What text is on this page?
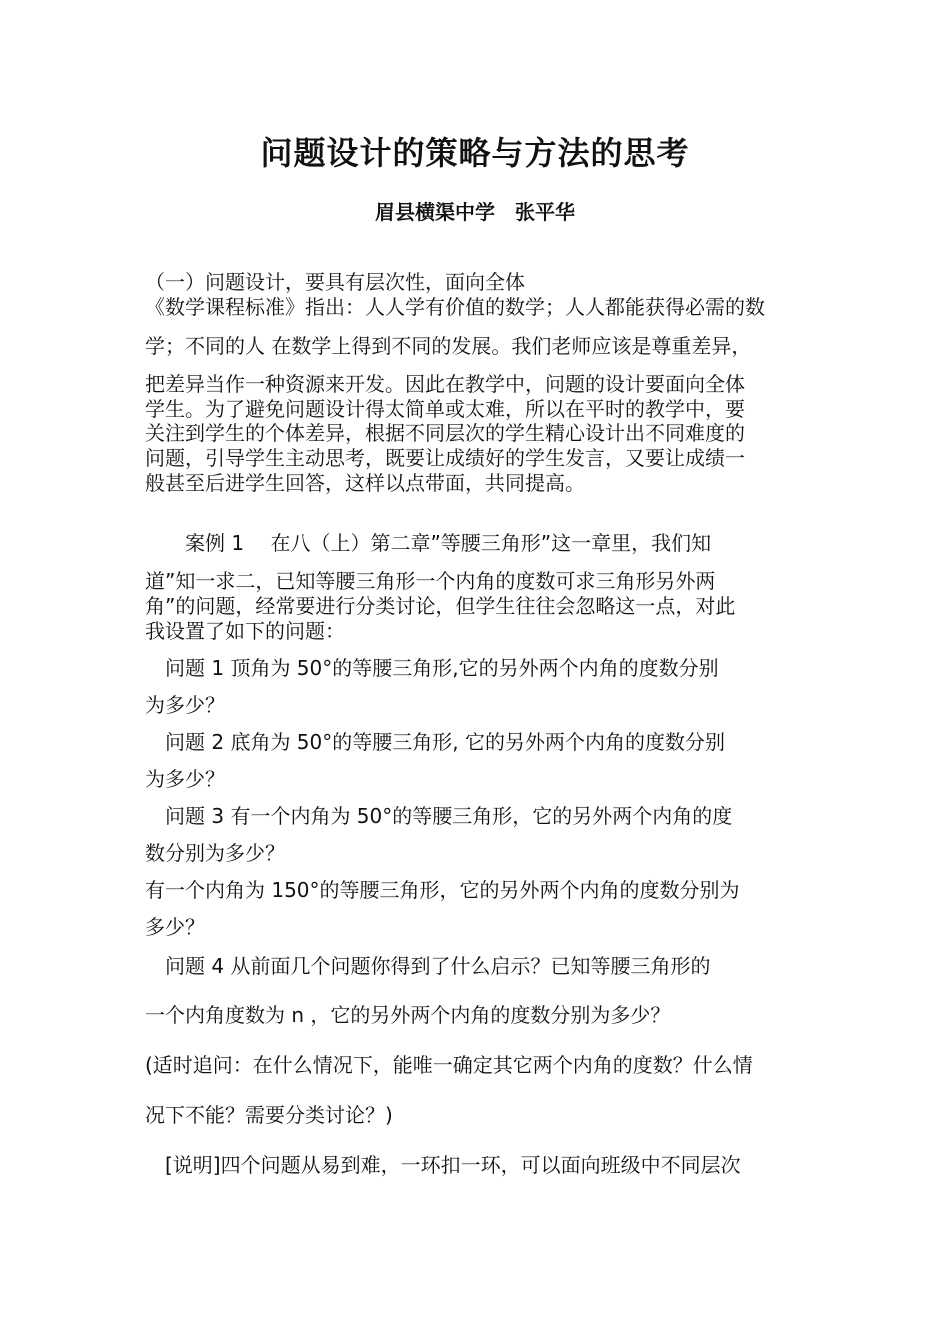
问题设计的策略与方法的思考
眉县横渠中学　张平华
（一）问题设计，要具有层次性，面向全体
《数学课程标准》指出：人人学有价值的数学；人人都能获得必需的数
学；不同的人 在数学上得到不同的发展。我们老师应该是尊重差异，
把差异当作一种资源来开发。因此在教学中，问题的设计要面向全体
学生。为了避免问题设计得太简单或太难，所以在平时的教学中，要
关注到学生的个体差异，根据不同层次的学生精心设计出不同难度的
问题，引导学生主动思考，既要让成绩好的学生发言，又要让成绩一
般甚至后进学生回答，这样以点带面，共同提高。
　　案例 1　 在八（上）第二章”等腰三角形”这一章里，我们知
道”知一求二，已知等腰三角形一个内角的度数可求三角形另外两
角”的问题，经常要进行分类讨论，但学生往往会忽略这一点，对此
我设置了如下的问题：
　问题 1 顶角为 50°的等腰三角形,它的另外两个内角的度数分别
为多少？
　问题 2 底角为 50°的等腰三角形, 它的另外两个内角的度数分别
为多少？
　问题 3 有一个内角为 50°的等腰三角形，它的另外两个内角的度
数分别为多少？
有一个内角为 150°的等腰三角形，它的另外两个内角的度数分别为
多少？
　问题 4 从前面几个问题你得到了什么启示？已知等腰三角形的
一个内角度数为 n ，它的另外两个内角的度数分别为多少？
(适时追问：在什么情况下，能唯一确定其它两个内角的度数？什么情
况下不能？需要分类讨论？)
　[说明]四个问题从易到难，一环扣一环，可以面向班级中不同层次
